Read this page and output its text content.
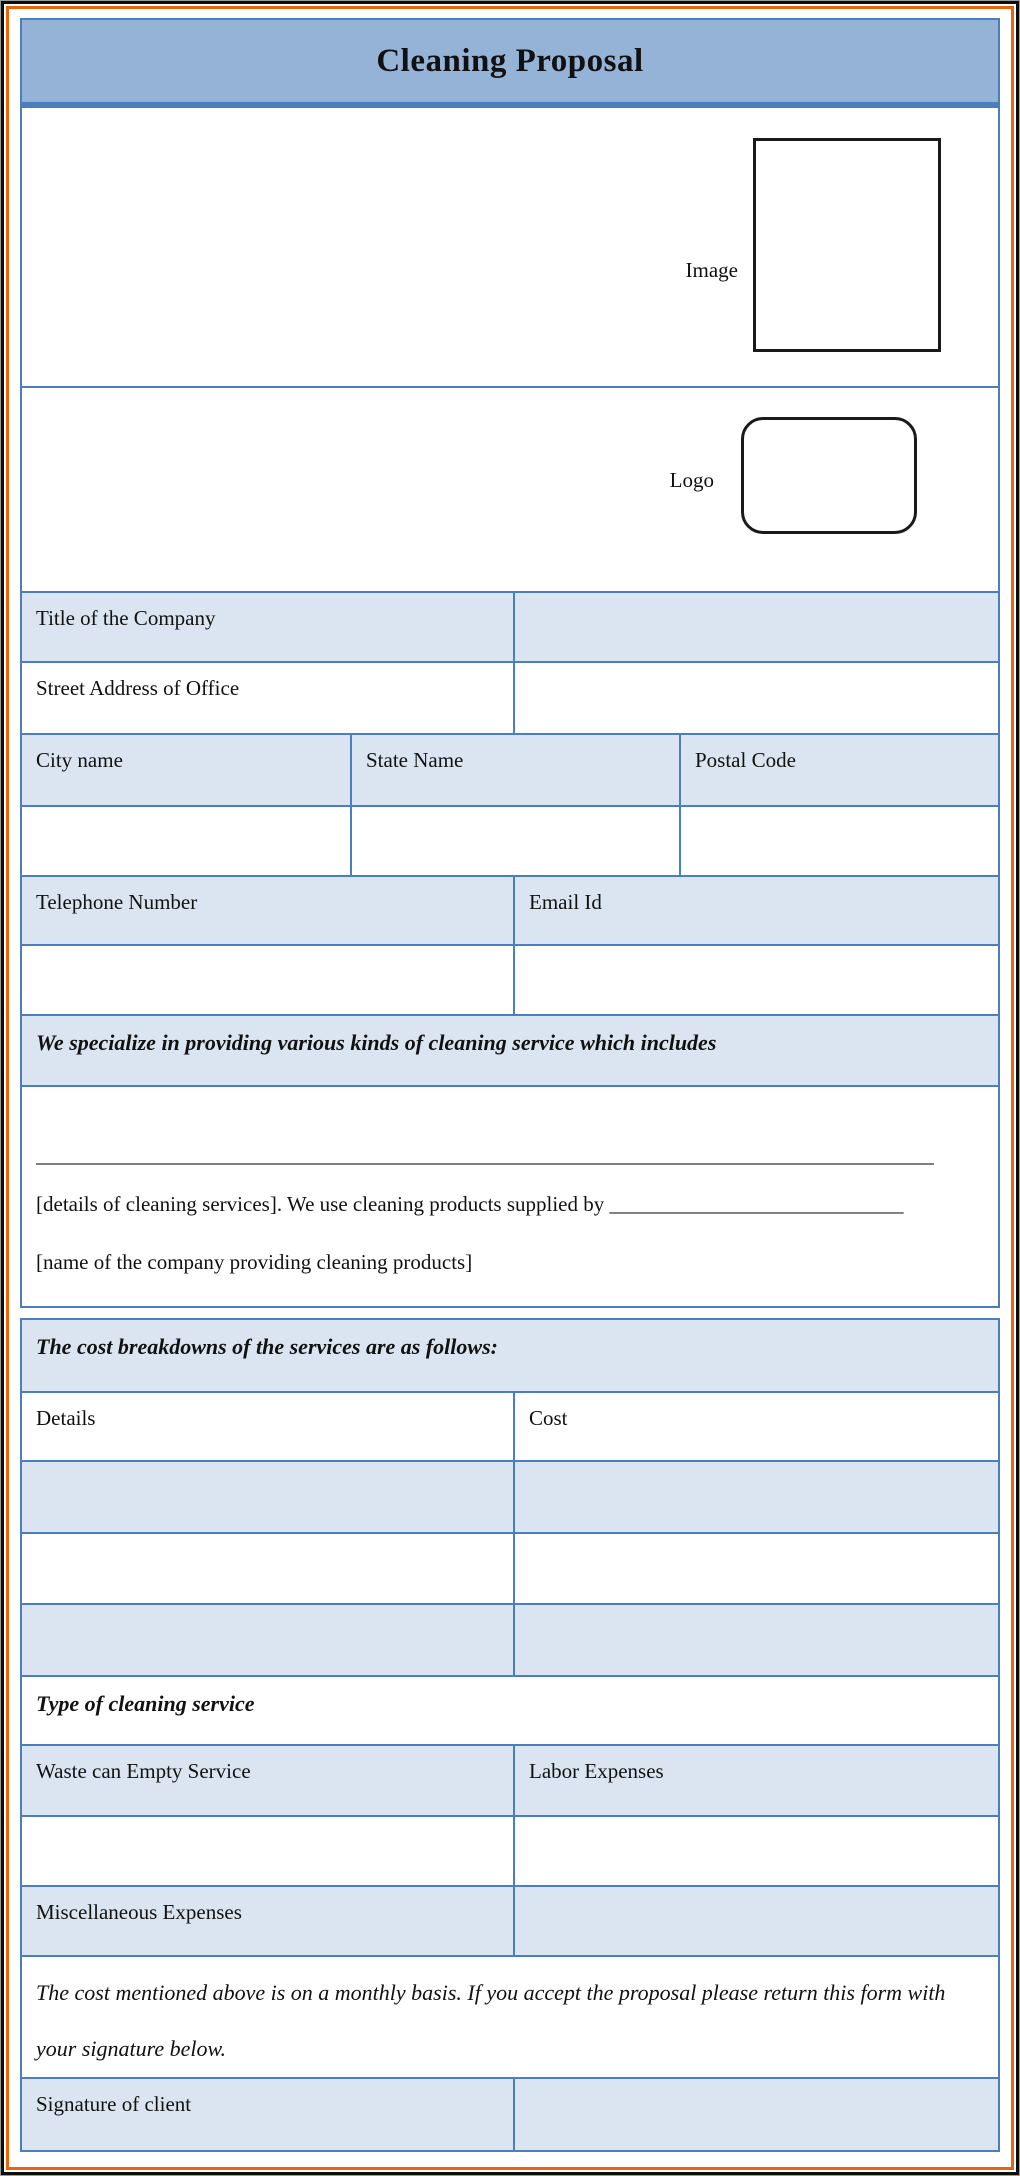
Cleaning Proposal
Image
Logo
Title of the Company
Street Address of Office
City name	State Name	Postal Code
Telephone Number	Email Id
We specialize in providing various kinds of cleaning service which includes
[details of cleaning services]. We use cleaning products supplied by ____________________________
[name of the company providing cleaning products]
The cost breakdowns of the services are as follows:
Details	Cost
Type of cleaning service
Waste can Empty Service	Labor Expenses
Miscellaneous Expenses
The cost mentioned above is on a monthly basis. If you accept the proposal please return this form with your signature below.
Signature of client
